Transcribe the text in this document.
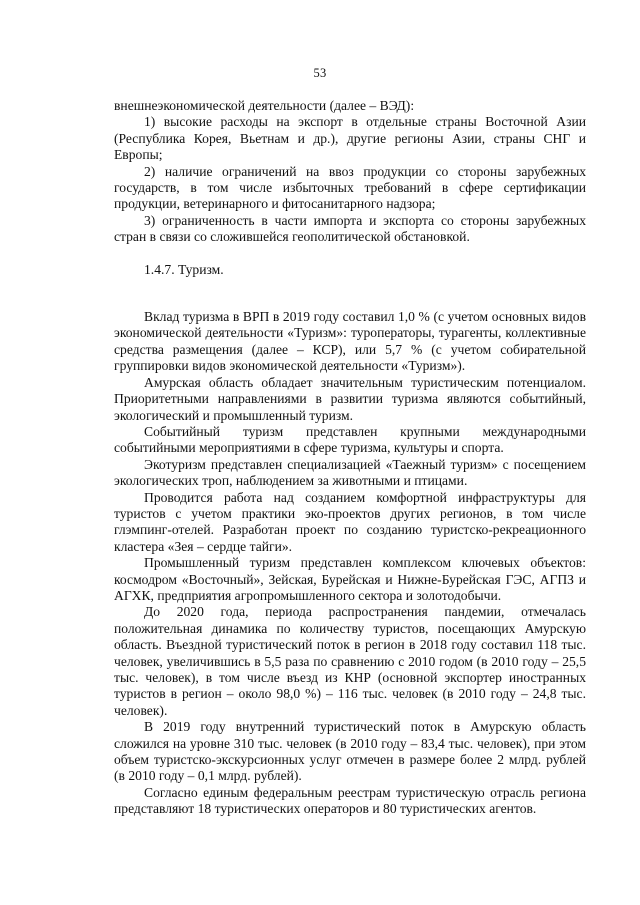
53

внешнеэкономической деятельности (далее – ВЭД):

1) высокие расходы на экспорт в отдельные страны Восточной Азии (Республика Корея, Вьетнам и др.), другие регионы Азии, страны СНГ и Европы;

2) наличие ограничений на ввоз продукции со стороны зарубежных государств, в том числе избыточных требований в сфере сертификации продукции, ветеринарного и фитосанитарного надзора;

3) ограниченность в части импорта и экспорта со стороны зарубежных стран в связи со сложившейся геополитической обстановкой.

1.4.7. Туризм.

Вклад туризма в ВРП в 2019 году составил 1,0 % (с учетом основных видов экономической деятельности «Туризм»: туроператоры, турагенты, коллективные средства размещения (далее – КСР), или 5,7 % (с учетом собирательной группировки видов экономической деятельности «Туризм»).

Амурская область обладает значительным туристическим потенциалом. Приоритетными направлениями в развитии туризма являются событийный, экологический и промышленный туризм.

Событийный туризм представлен крупными международными событийными мероприятиями в сфере туризма, культуры и спорта.

Экотуризм представлен специализацией «Таежный туризм» с посещением экологических троп, наблюдением за животными и птицами.

Проводится работа над созданием комфортной инфраструктуры для туристов с учетом практики эко-проектов других регионов, в том числе глэмпинг-отелей. Разработан проект по созданию туристско-рекреационного кластера «Зея – сердце тайги».

Промышленный туризм представлен комплексом ключевых объектов: космодром «Восточный», Зейская, Бурейская и Нижне-Бурейская ГЭС, АГПЗ и АГХК, предприятия агропромышленного сектора и золотодобычи.

До 2020 года, периода распространения пандемии, отмечалась положительная динамика по количеству туристов, посещающих Амурскую область. Въездной туристический поток в регион в 2018 году составил 118 тыс. человек, увеличившись в 5,5 раза по сравнению с 2010 годом (в 2010 году – 25,5 тыс. человек), в том числе въезд из КНР (основной экспортер иностранных туристов в регион – около 98,0 %) – 116 тыс. человек (в 2010 году – 24,8 тыс. человек).

В 2019 году внутренний туристический поток в Амурскую область сложился на уровне 310 тыс. человек (в 2010 году – 83,4 тыс. человек), при этом объем туристско-экскурсионных услуг отмечен в размере более 2 млрд. рублей (в 2010 году – 0,1 млрд. рублей).

Согласно единым федеральным реестрам туристическую отрасль региона представляют 18 туристических операторов и 80 туристических агентов.
